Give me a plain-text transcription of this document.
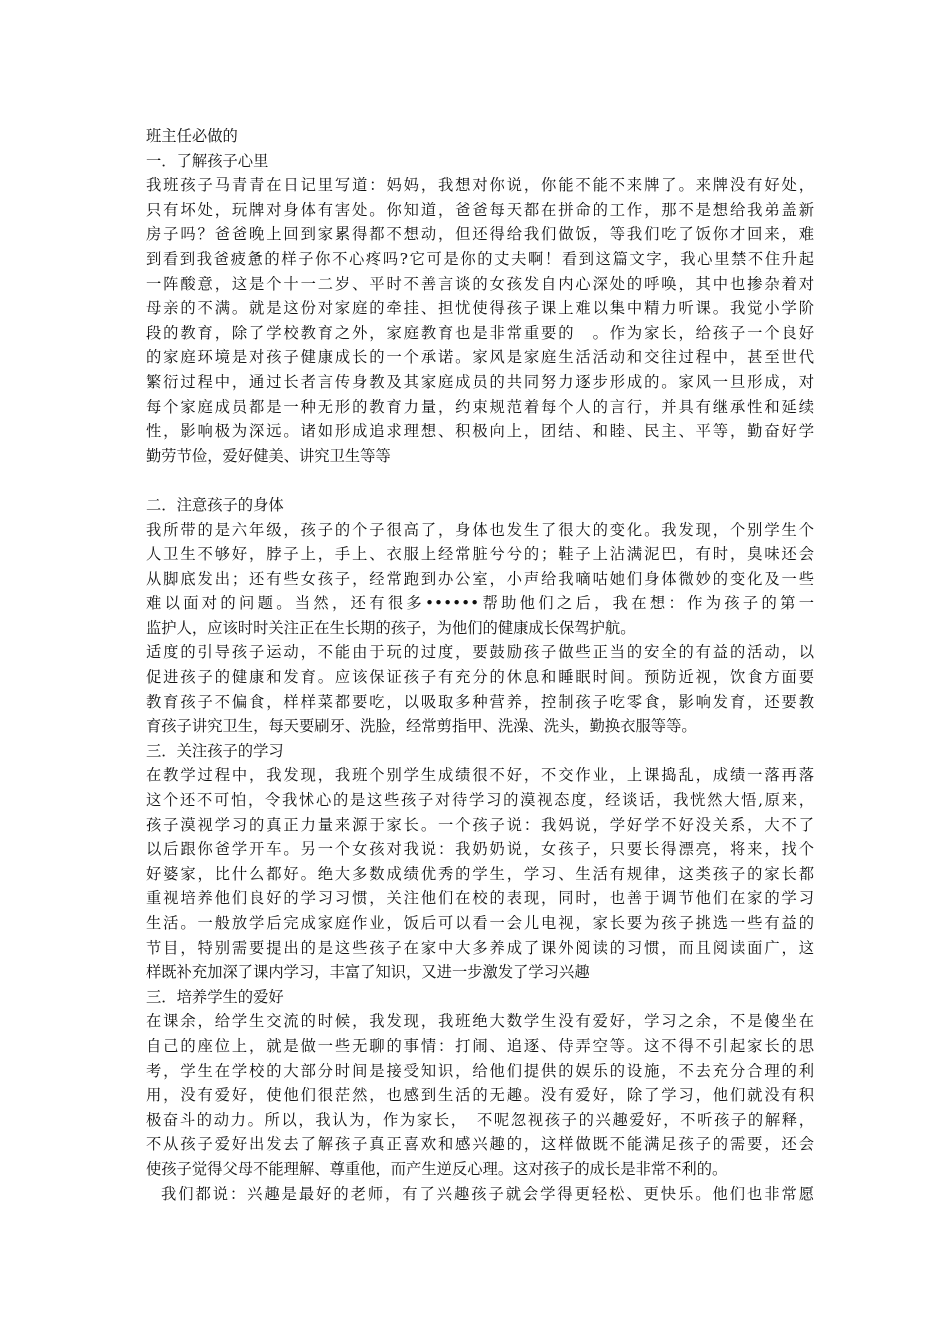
班主任必做的
一．了解孩子心里
我班孩子马青青在日记里写道：妈妈，我想对你说，你能不能不来牌了。来牌没有好处，
只有坏处，玩牌对身体有害处。你知道，爸爸每天都在拼命的工作，那不是想给我弟盖新
房子吗？爸爸晚上回到家累得都不想动，但还得给我们做饭，等我们吃了饭你才回来，难
到看到我爸疲惫的样子你不心疼吗?它可是你的丈夫啊！看到这篇文字，我心里禁不住升起
一阵酸意，这是个十一二岁、平时不善言谈的女孩发自内心深处的呼唤，其中也掺杂着对
母亲的不满。就是这份对家庭的牵挂、担忧使得孩子课上难以集中精力听课。我觉小学阶
段的教育，除了学校教育之外，家庭教育也是非常重要的　。作为家长，给孩子一个良好
的家庭环境是对孩子健康成长的一个承诺。家风是家庭生活活动和交往过程中，甚至世代
繁衍过程中，通过长者言传身教及其家庭成员的共同努力逐步形成的。家风一旦形成，对
每个家庭成员都是一种无形的教育力量，约束规范着每个人的言行，并具有继承性和延续
性，影响极为深远。诸如形成追求理想、积极向上，团结、和睦、民主、平等，勤奋好学
勤劳节俭，爱好健美、讲究卫生等等
二．注意孩子的身体
我所带的是六年级，孩子的个子很高了，身体也发生了很大的变化。我发现，个别学生个
人卫生不够好，脖子上，手上、衣服上经常脏兮兮的；鞋子上沾满泥巴，有时，臭味还会
从脚底发出；还有些女孩子，经常跑到办公室，小声给我嘀咕她们身体微妙的变化及一些
难以面对的问题。当然，还有很多••••••帮助他们之后，我在想：作为孩子的第一
监护人，应该时时关注正在生长期的孩子，为他们的健康成长保驾护航。
适度的引导孩子运动，不能由于玩的过度，要鼓励孩子做些正当的安全的有益的活动，以
促进孩子的健康和发育。应该保证孩子有充分的休息和睡眠时间。预防近视，饮食方面要
教育孩子不偏食，样样菜都要吃，以吸取多种营养，控制孩子吃零食，影响发育，还要教
育孩子讲究卫生，每天要刷牙、洗脸，经常剪指甲、洗澡、洗头，勤换衣服等等。
三．关注孩子的学习
在教学过程中，我发现，我班个别学生成绩很不好，不交作业，上课捣乱，成绩一落再落
这个还不可怕，令我怵心的是这些孩子对待学习的漠视态度，经谈话，我恍然大悟,原来，
孩子漠视学习的真正力量来源于家长。一个孩子说：我妈说，学好学不好没关系，大不了
以后跟你爸学开车。另一个女孩对我说：我奶奶说，女孩子，只要长得漂亮，将来，找个
好婆家，比什么都好。绝大多数成绩优秀的学生，学习、生活有规律，这类孩子的家长都
重视培养他们良好的学习习惯，关注他们在校的表现，同时，也善于调节他们在家的学习
生活。一般放学后完成家庭作业，饭后可以看一会儿电视，家长要为孩子挑选一些有益的
节目，特别需要提出的是这些孩子在家中大多养成了课外阅读的习惯，而且阅读面广，这
样既补充加深了课内学习，丰富了知识，又进一步激发了学习兴趣
三．培养学生的爱好
在课余，给学生交流的时候，我发现，我班绝大数学生没有爱好，学习之余，不是傻坐在
自己的座位上，就是做一些无聊的事情：打闹、追逐、侍弄空等。这不得不引起家长的思
考，学生在学校的大部分时间是接受知识，给他们提供的娱乐的设施，不去充分合理的利
用，没有爱好，使他们很茫然，也感到生活的无趣。没有爱好，除了学习，他们就没有积
极奋斗的动力。所以，我认为，作为家长，　不呢忽视孩子的兴趣爱好，不听孩子的解释，
不从孩子爱好出发去了解孩子真正喜欢和感兴趣的，这样做既不能满足孩子的需要，还会
使孩子觉得父母不能理解、尊重他，而产生逆反心理。这对孩子的成长是非常不利的。
我们都说：兴趣是最好的老师，有了兴趣孩子就会学得更轻松、更快乐。他们也非常愿
